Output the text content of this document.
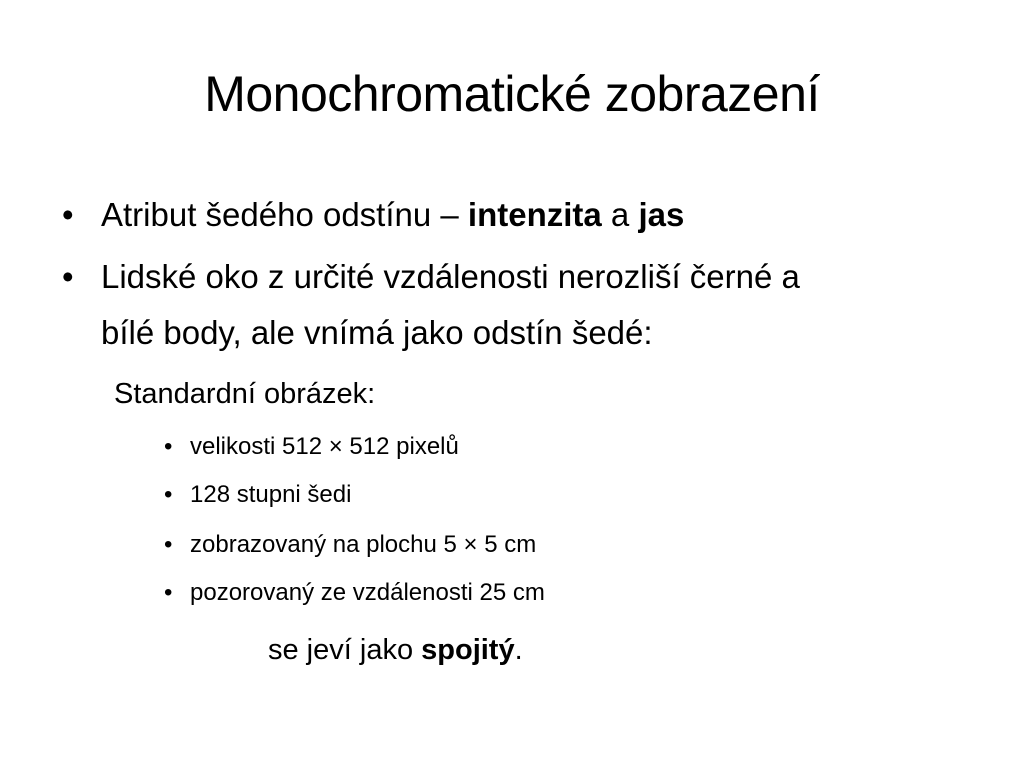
Monochromatické zobrazení
• Atribut šedého odstínu – intenzita a jas
• Lidské oko z určité vzdálenosti nerozliší černé a
bílé body, ale vnímá jako odstín šedé:
Standardní obrázek:
• velikosti 512 × 512 pixelů
• 128 stupni šedi
• zobrazovaný na plochu 5 × 5 cm
• pozorovaný ze vzdálenosti 25 cm
se jeví jako spojitý.
